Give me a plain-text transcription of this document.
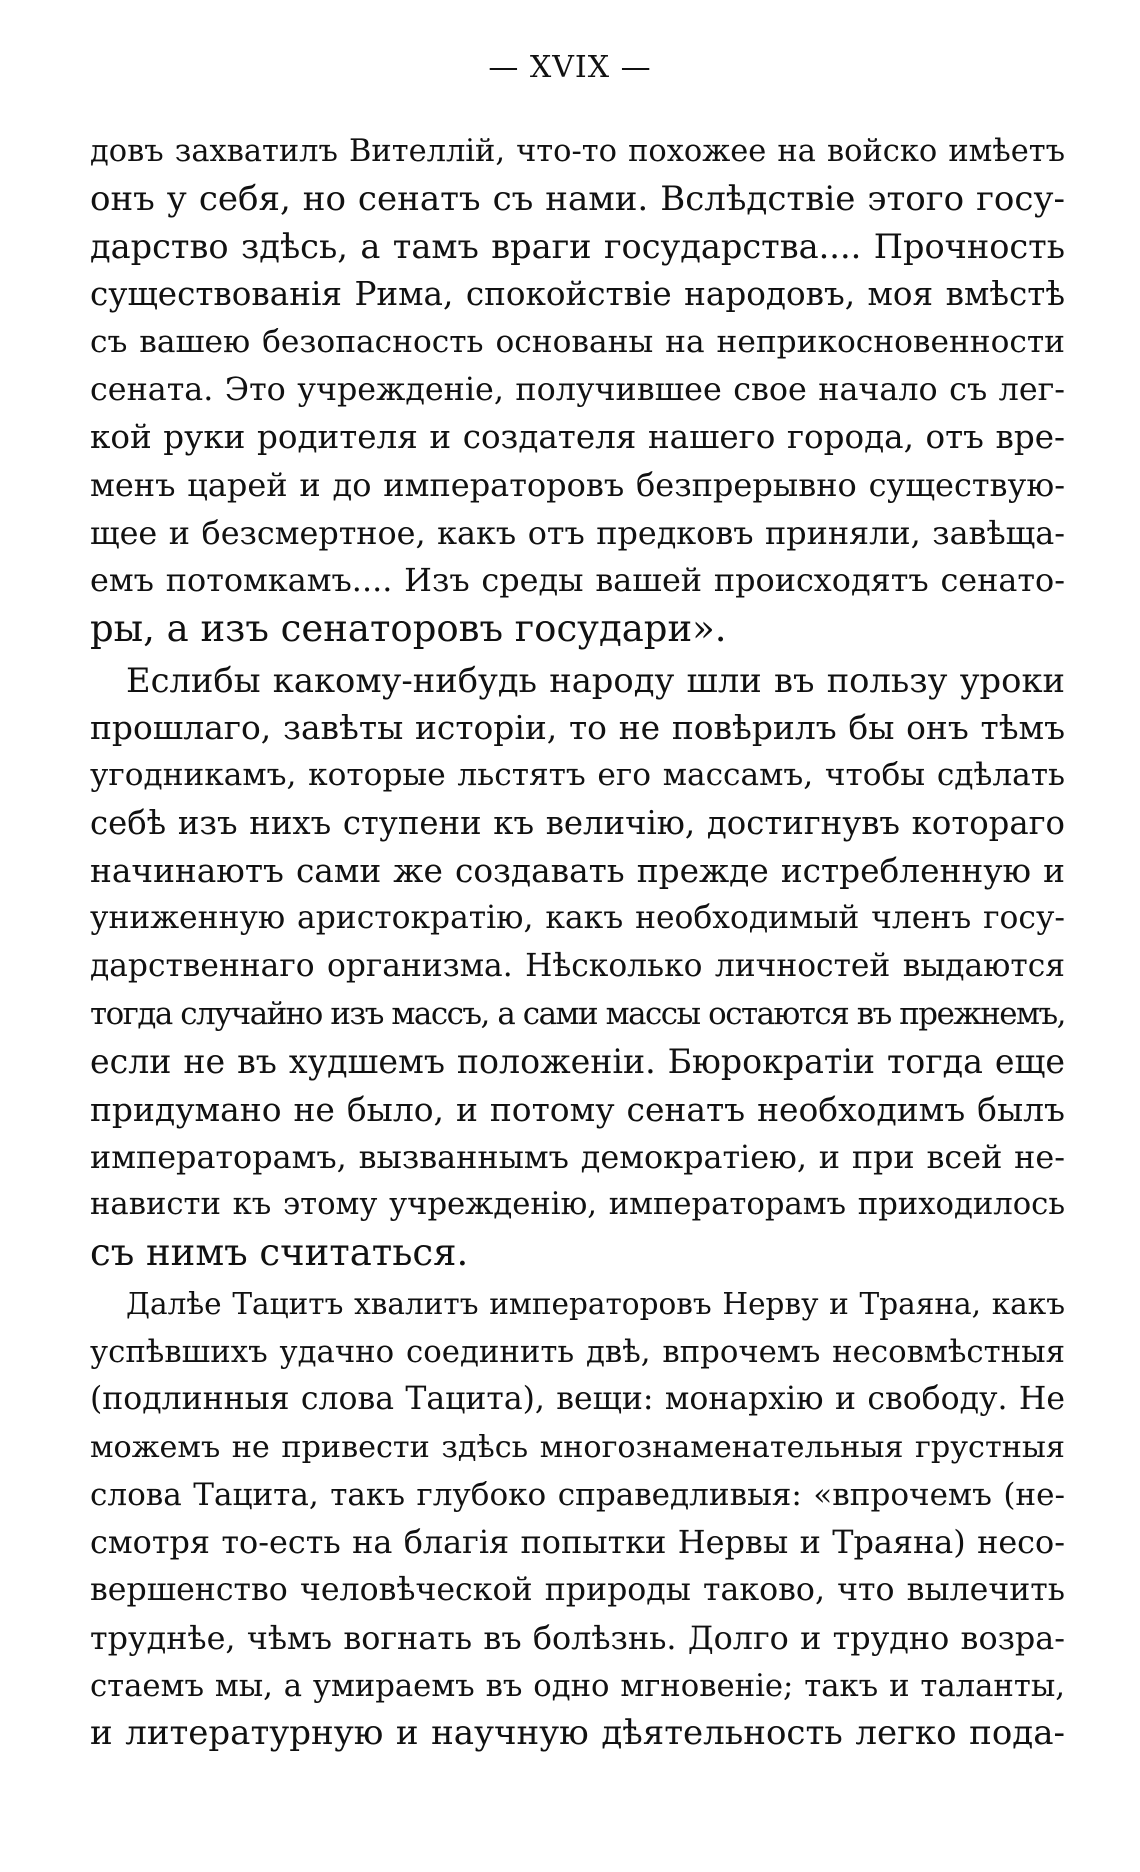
— XVIX —
довъ захватилъ Вителлій, что-то похожее на войско имѣетъ
онъ у себя, но сенатъ съ нами. Вслѣдствіе этого госу-
дарство здѣсь, а тамъ враги государства.... Прочность
существованія Рима, спокойствіе народовъ, моя вмѣстѣ
съ вашею безопасность основаны на неприкосновенности
сената. Это учрежденіе, получившее свое начало съ лег-
кой руки родителя и создателя нашего города, отъ вре-
менъ царей и до императоровъ безпрерывно существую-
щее и безсмертное, какъ отъ предковъ приняли, завѣща-
емъ потомкамъ.... Изъ среды вашей происходятъ сенато-
ры, а изъ сенаторовъ государи».
Еслибы какому-нибудь народу шли въ пользу уроки
прошлаго, завѣты исторіи, то не повѣрилъ бы онъ тѣмъ
угодникамъ, которые льстятъ его массамъ, чтобы сдѣлать
себѣ изъ нихъ ступени къ величію, достигнувъ котораго
начинаютъ сами же создавать прежде истребленную и
униженную аристократію, какъ необходимый членъ госу-
дарственнаго организма. Нѣсколько личностей выдаются
тогда случайно изъ массъ, а сами массы остаются въ прежнемъ,
если не въ худшемъ положеніи. Бюрократіи тогда еще
придумано не было, и потому сенатъ необходимъ былъ
императорамъ, вызваннымъ демократіею, и при всей не-
нависти къ этому учрежденію, императорамъ приходилось
съ нимъ считаться.
Далѣе Тацитъ хвалитъ императоровъ Нерву и Траяна, какъ
успѣвшихъ удачно соединить двѣ, впрочемъ несовмѣстныя
(подлинныя слова Тацита), вещи: монархію и свободу. Не
можемъ не привести здѣсь многознаменательныя грустныя
слова Тацита, такъ глубоко справедливыя: «впрочемъ (не-
смотря то-есть на благія попытки Нервы и Траяна) несо-
вершенство человѣческой природы таково, что вылечить
труднѣе, чѣмъ вогнать въ болѣзнь. Долго и трудно возра-
стаемъ мы, а умираемъ въ одно мгновеніе; такъ и таланты,
и литературную и научную дѣятельность легко пода-
